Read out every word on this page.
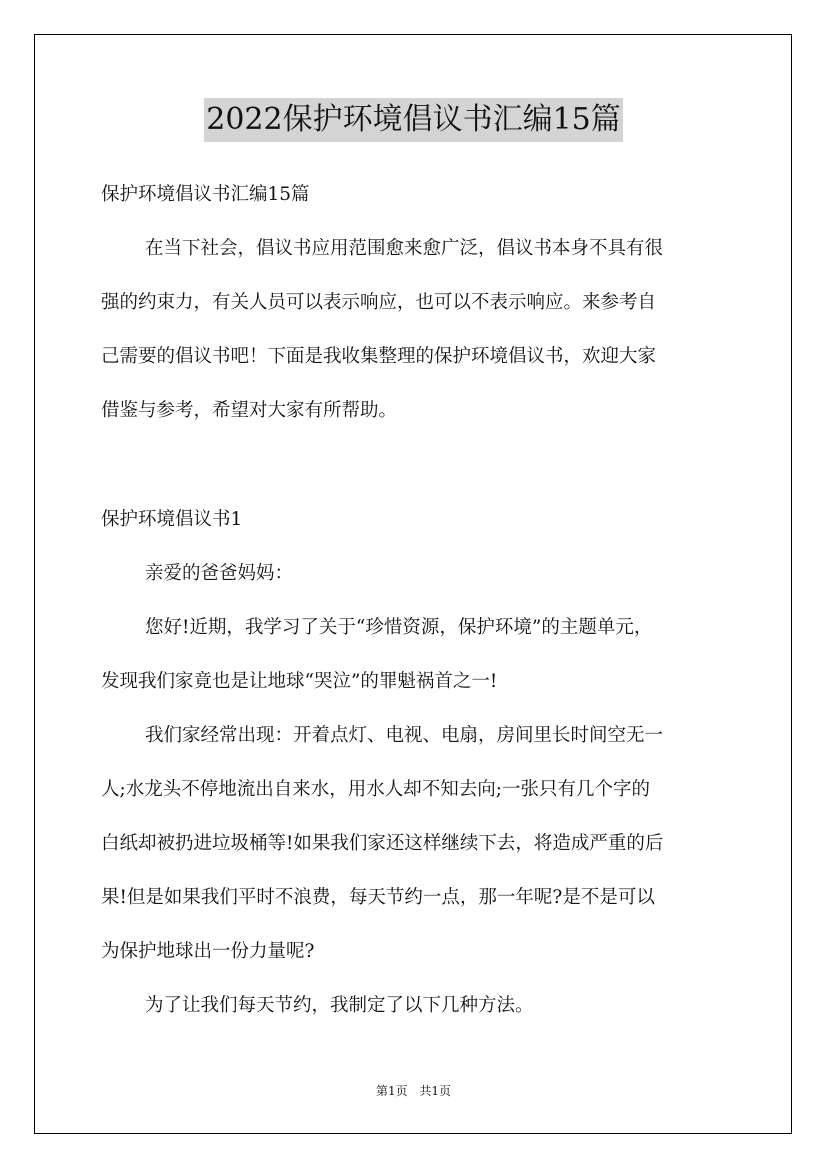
2022保护环境倡议书汇编15篇
保护环境倡议书汇编15篇
在当下社会，倡议书应用范围愈来愈广泛，倡议书本身不具有很
强的约束力，有关人员可以表示响应，也可以不表示响应。来参考自
己需要的倡议书吧！下面是我收集整理的保护环境倡议书，欢迎大家
借鉴与参考，希望对大家有所帮助。
保护环境倡议书1
亲爱的爸爸妈妈：
您好!近期，我学习了关于“珍惜资源，保护环境”的主题单元，
发现我们家竟也是让地球“哭泣”的罪魁祸首之一!
我们家经常出现：开着点灯、电视、电扇，房间里长时间空无一
人;水龙头不停地流出自来水，用水人却不知去向;一张只有几个字的
白纸却被扔进垃圾桶等!如果我们家还这样继续下去，将造成严重的后
果!但是如果我们平时不浪费，每天节约一点，那一年呢?是不是可以
为保护地球出一份力量呢?
为了让我们每天节约，我制定了以下几种方法。
第1页 共1页
